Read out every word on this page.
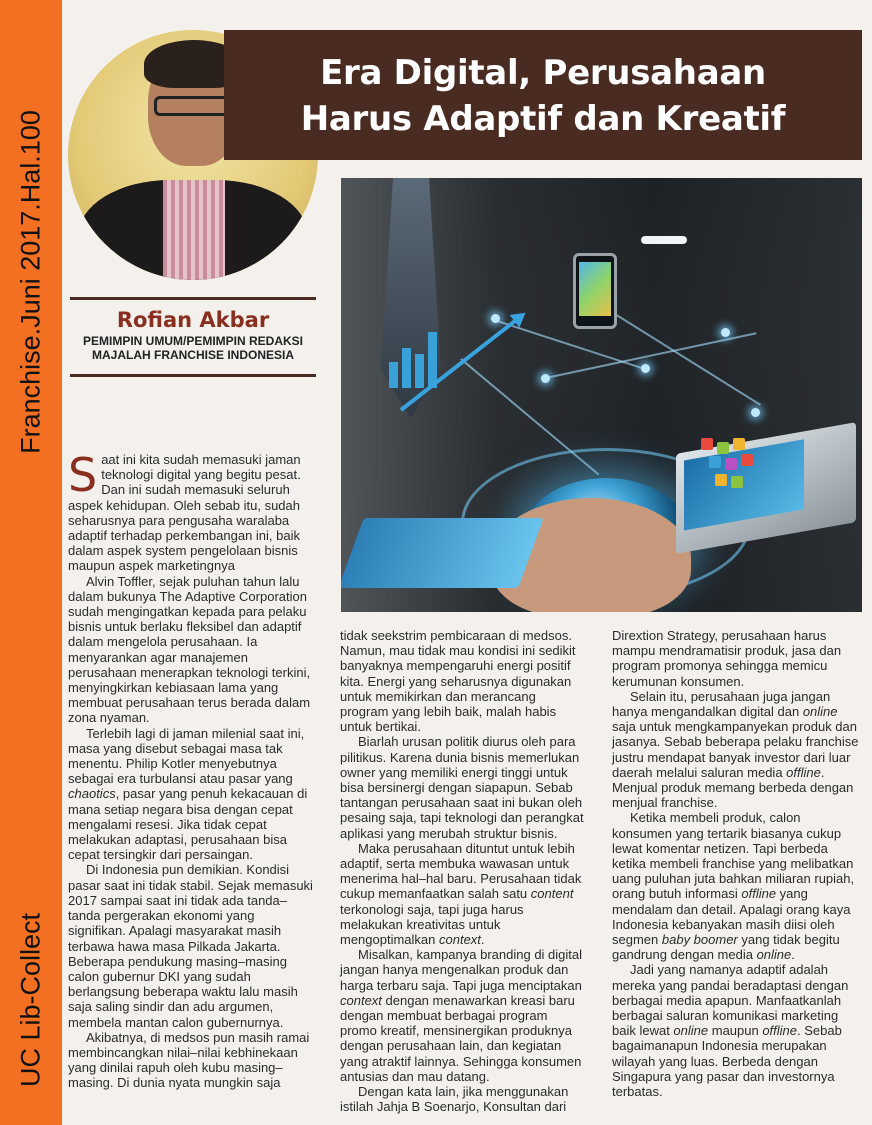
Franchise.Juni 2017.Hal.100
UC Lib-Collect
Era Digital, Perusahaan
Harus Adaptif dan Kreatif
Rofian Akbar
PEMIMPIN UMUM/PEMIMPIN REDAKSI
MAJALAH FRANCHISE INDONESIA

Saat ini kita sudah memasuki jaman teknologi digital yang begitu pesat. Dan ini sudah memasuki seluruh aspek kehidupan. Oleh sebab itu, sudah seharusnya para pengusaha waralaba adaptif terhadap perkembangan ini, baik dalam aspek system pengelolaan bisnis maupun aspek marketingnya

Alvin Toffler, sejak puluhan tahun lalu dalam bukunya The Adaptive Corporation sudah mengingatkan kepada para pelaku bisnis untuk berlaku fleksibel dan adaptif dalam mengelola perusahaan. Ia menyarankan agar manajemen perusahaan menerapkan teknologi terkini, menyingkirkan kebiasaan lama yang membuat perusahaan terus berada dalam zona nyaman.

Terlebih lagi di jaman milenial saat ini, masa yang disebut sebagai masa tak menentu. Philip Kotler menyebutnya sebagai era turbulansi atau pasar yang chaotics, pasar yang penuh kekacauan di mana setiap negara bisa dengan cepat mengalami resesi. Jika tidak cepat melakukan adaptasi, perusahaan bisa cepat tersingkir dari persaingan.

Di Indonesia pun demikian. Kondisi pasar saat ini tidak stabil. Sejak memasuki 2017 sampai saat ini tidak ada tanda–tanda pergerakan ekonomi yang signifikan. Apalagi masyarakat masih terbawa hawa masa Pilkada Jakarta. Beberapa pendukung masing–masing calon gubernur DKI yang sudah berlangsung beberapa waktu lalu masih saja saling sindir dan adu argumen, membela mantan calon gubernurnya.

Akibatnya, di medsos pun masih ramai membincangkan nilai–nilai kebhinekaan yang dinilai rapuh oleh kubu masing–masing. Di dunia nyata mungkin saja

tidak seekstrim pembicaraan di medsos. Namun, mau tidak mau kondisi ini sedikit banyaknya mempengaruhi energi positif kita. Energi yang seharusnya digunakan untuk memikirkan dan merancang program yang lebih baik, malah habis untuk bertikai.

Biarlah urusan politik diurus oleh para pilitikus. Karena dunia bisnis memerlukan owner yang memiliki energi tinggi untuk bisa bersinergi dengan siapapun. Sebab tantangan perusahaan saat ini bukan oleh pesaing saja, tapi teknologi dan perangkat aplikasi yang merubah struktur bisnis.

Maka perusahaan dituntut untuk lebih adaptif, serta membuka wawasan untuk menerima hal–hal baru. Perusahaan tidak cukup memanfaatkan salah satu content terkonologi saja, tapi juga harus melakukan kreativitas untuk mengoptimalkan context.

Misalkan, kampanya branding di digital jangan hanya mengenalkan produk dan harga terbaru saja. Tapi juga menciptakan context dengan menawarkan kreasi baru dengan membuat berbagai program promo kreatif, mensinergikan produknya dengan perusahaan lain, dan kegiatan yang atraktif lainnya. Sehingga konsumen antusias dan mau datang.

Dengan kata lain, jika menggunakan istilah Jahja B Soenarjo, Konsultan dari

Dirextion Strategy, perusahaan harus mampu mendramatisir produk, jasa dan program promonya sehingga memicu kerumunan konsumen.

Selain itu, perusahaan juga jangan hanya mengandalkan digital dan online saja untuk mengkampanyekan produk dan jasanya. Sebab beberapa pelaku franchise justru mendapat banyak investor dari luar daerah melalui saluran media offline. Menjual produk memang berbeda dengan menjual franchise.

Ketika membeli produk, calon konsumen yang tertarik biasanya cukup lewat komentar netizen. Tapi berbeda ketika membeli franchise yang melibatkan uang puluhan juta bahkan miliaran rupiah, orang butuh informasi offline yang mendalam dan detail. Apalagi orang kaya Indonesia kebanyakan masih diisi oleh segmen baby boomer yang tidak begitu gandrung dengan media online.

Jadi yang namanya adaptif adalah mereka yang pandai beradaptasi dengan berbagai media apapun. Manfaatkanlah berbagai saluran komunikasi marketing baik lewat online maupun offline. Sebab bagaimanapun Indonesia merupakan wilayah yang luas. Berbeda dengan Singapura yang pasar dan investornya terbatas.
